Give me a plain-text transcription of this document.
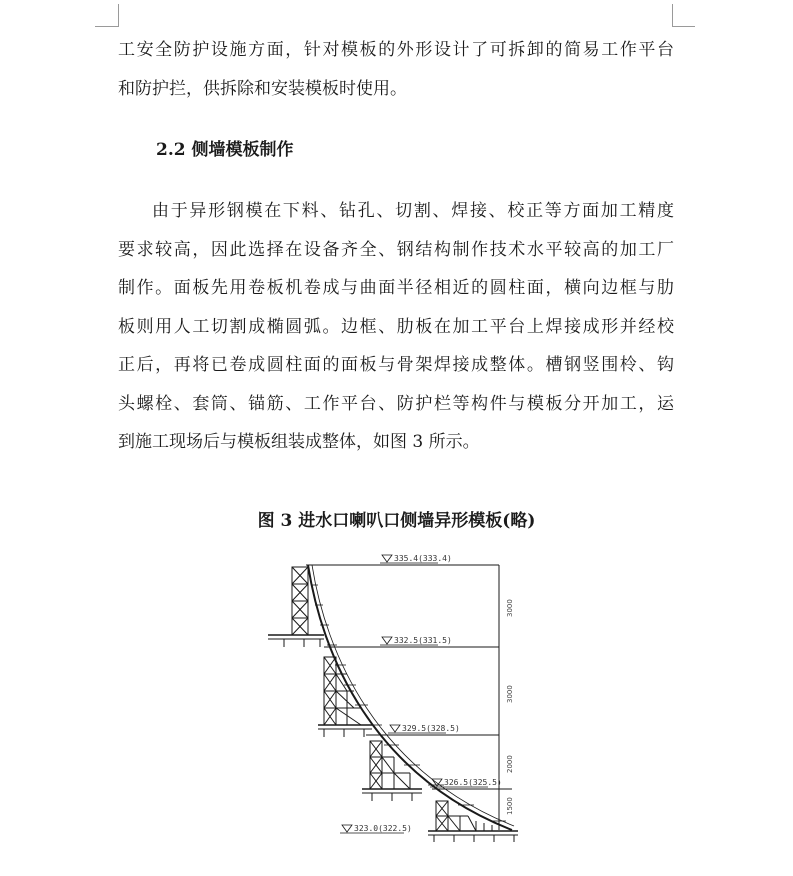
工安全防护设施方面，针对模板的外形设计了可拆卸的简易工作平台
和防护拦，供拆除和安装模板时使用。

2.2 侧墙模板制作

由于异形钢模在下料、钻孔、切割、焊接、校正等方面加工精度
要求较高，因此选择在设备齐全、钢结构制作技术水平较高的加工厂
制作。面板先用卷板机卷成与曲面半径相近的圆柱面，横向边框与肋
板则用人工切割成椭圆弧。边框、肋板在加工平台上焊接成形并经校
正后，再将已卷成圆柱面的面板与骨架焊接成整体。槽钢竖围柃、钩
头螺栓、套筒、锚筋、工作平台、防护栏等构件与模板分开加工，运
到施工现场后与模板组装成整体，如图 3 所示。

图 3 进水口喇叭口侧墙异形模板(略)

335.4(333.4)
332.5(331.5)
329.5(328.5)
326.5(325.5)
323.0(322.5)
3000
3000
2000
1500
